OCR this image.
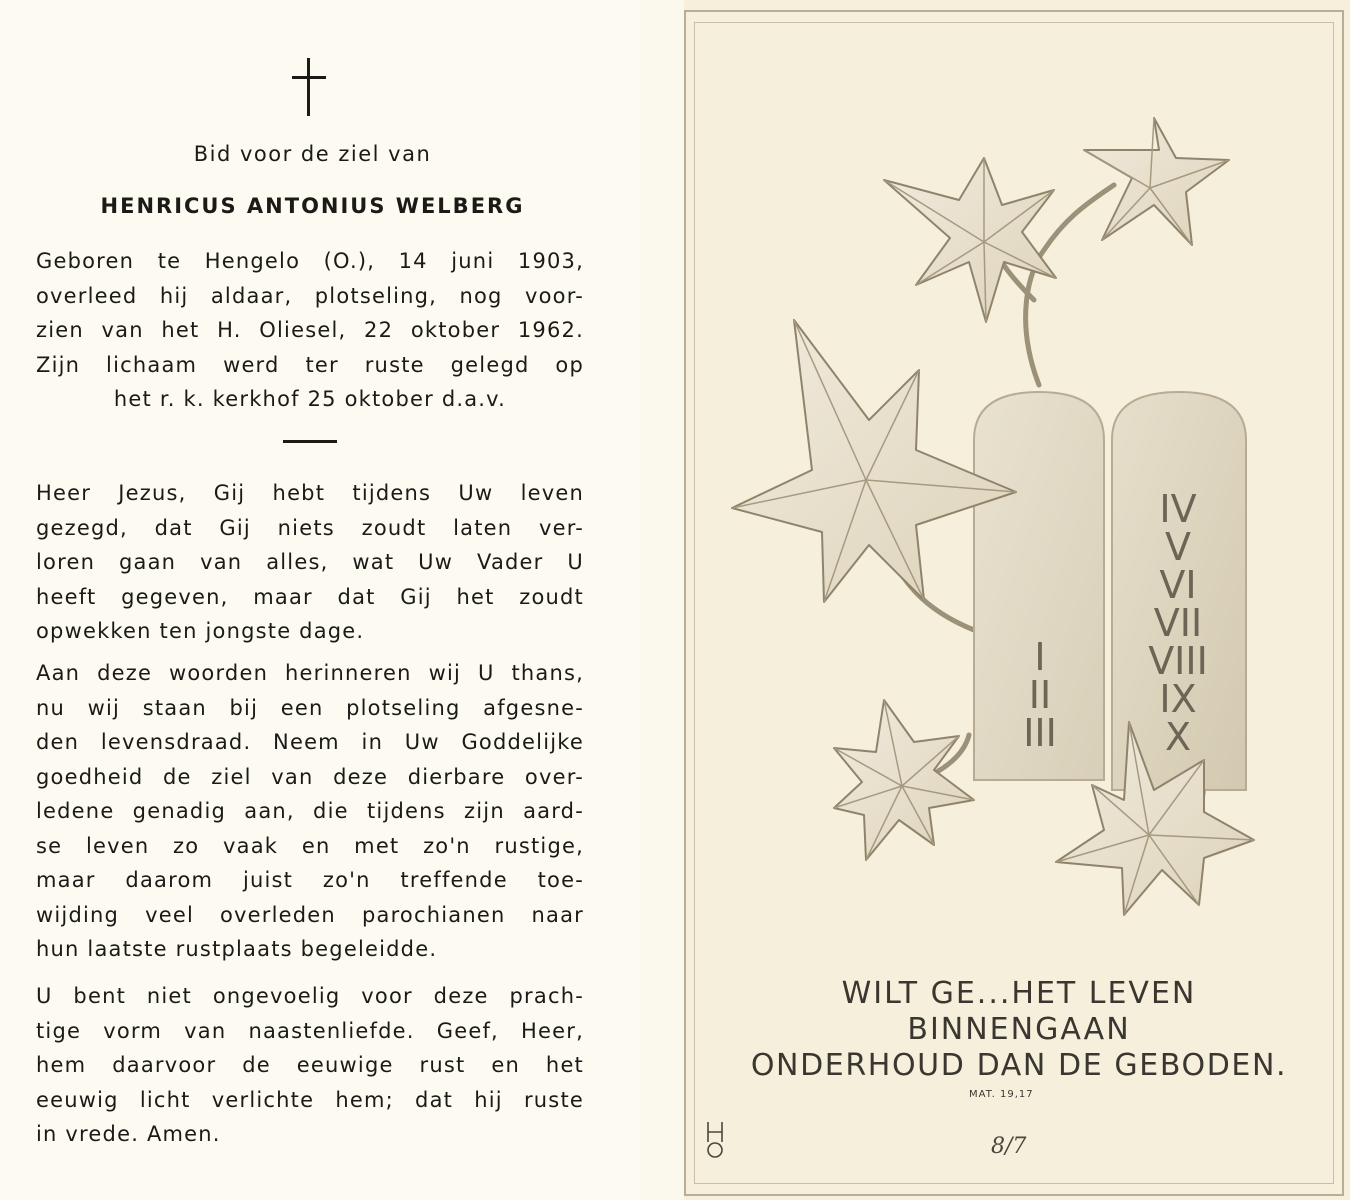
Bid voor de ziel van

HENRICUS ANTONIUS WELBERG

Geboren te Hengelo (O.), 14 juni 1903,
overleed hij aldaar, plotseling, nog voor-
zien van het H. Oliesel, 22 oktober 1962.
Zijn lichaam werd ter ruste gelegd op
het r. k. kerkhof 25 oktober d.a.v.

Heer Jezus, Gij hebt tijdens Uw leven
gezegd, dat Gij niets zoudt laten ver-
loren gaan van alles, wat Uw Vader U
heeft gegeven, maar dat Gij het zoudt
opwekken ten jongste dage.

Aan deze woorden herinneren wij U thans,
nu wij staan bij een plotseling afgesne-
den levensdraad. Neem in Uw Goddelijke
goedheid de ziel van deze dierbare over-
ledene genadig aan, die tijdens zijn aard-
se leven zo vaak en met zo'n rustige,
maar daarom juist zo'n treffende toe-
wijding veel overleden parochianen naar
hun laatste rustplaats begeleidde.

U bent niet ongevoelig voor deze prach-
tige vorm van naastenliefde. Geef, Heer,
hem daarvoor de eeuwige rust en het
eeuwig licht verlichte hem; dat hij ruste
in vrede. Amen.

I
II
III
IV
V
VI
VII
VIII
IX
X

WILT GE...HET LEVEN
BINNENGAAN
ONDERHOUD DAN DE GEBODEN.

MAT. 19,17

8/7
